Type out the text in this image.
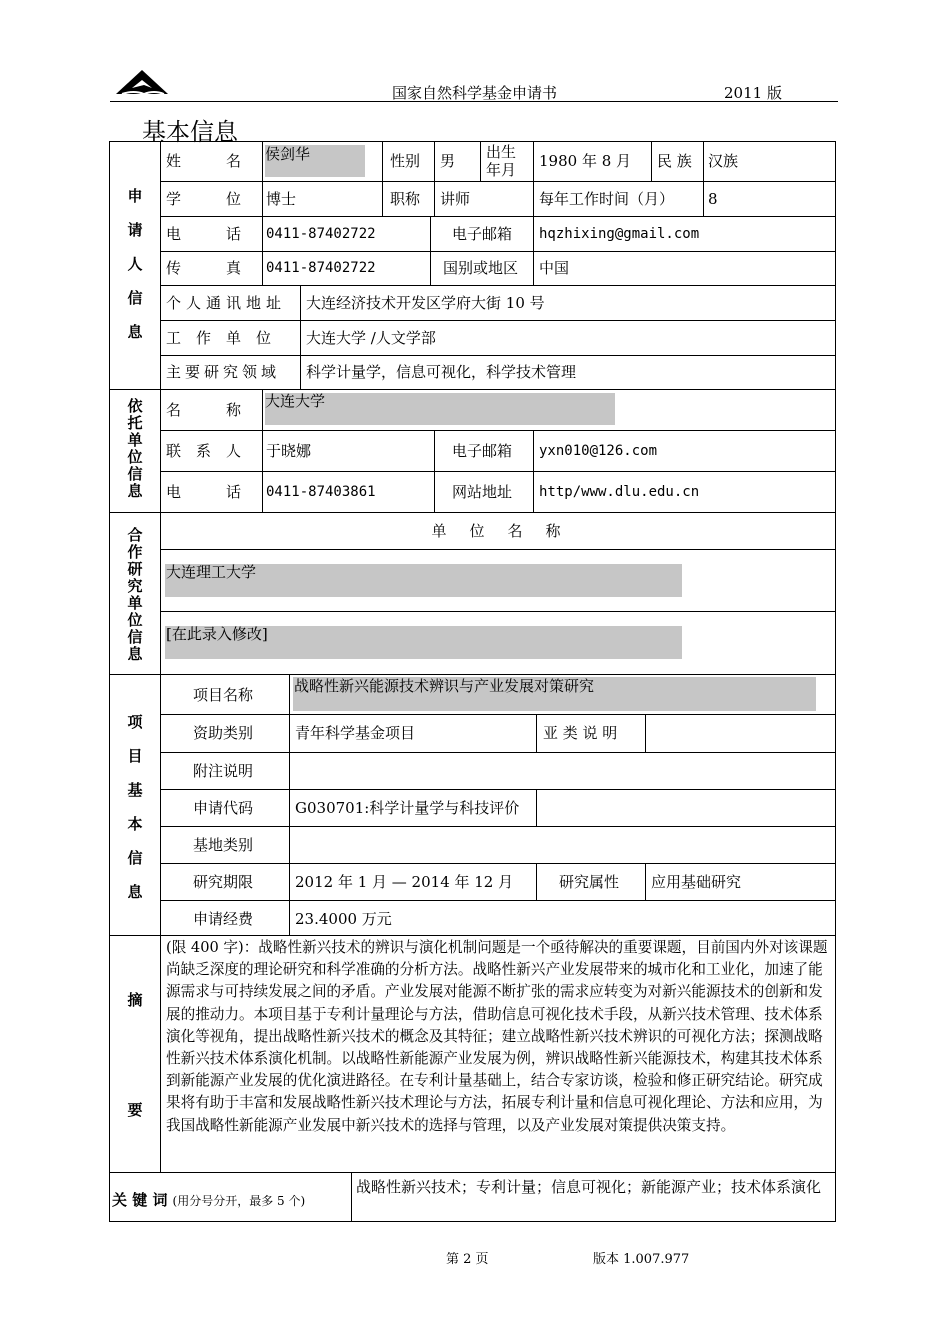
国家自然科学基金申请书	2011 版
基本信息
申
请
人
信
息
姓　　　名 侯剑华	性别 男 出生年月	1980 年 8 月 民 族 汉族
学　　　位 博士	职称 讲师	每年工作时间（月） 8
电　　　话 0411-87402722	电子邮箱 hqzhixing@gmail.com
传　　　真 0411-87402722	国别或地区 中国
个人通讯地址 大连经济技术开发区学府大街 10 号
工　作　单　位 大连大学 /人文学部
主要研究领域 科学计量学，信息可视化，科学技术管理
依
托
单
位
信
息
名　　　称 大连大学
联　系　人 于晓娜	电子邮箱 yxn010@126.com
电　　　话 0411-87403861	网站地址 http/www.dlu.edu.cn
合
作
研
究
单
位
信
息
单　位　名　称
大连理工大学
[在此录入修改]
项
目
基
本
信
息
项目名称	战略性新兴能源技术辨识与产业发展对策研究
资助类别	青年科学基金项目	亚 类 说 明
附注说明
申请代码	G030701:科学计量学与科技评价
基地类别
研究期限	2012 年 1 月 — 2014 年 12 月	研究属性 应用基础研究
申请经费	23.4000 万元
摘
要
(限 400 字)：战略性新兴技术的辨识与演化机制问题是一个亟待解决的重要课题，目前国内外对该课题尚缺乏深度的理论研究和科学准确的分析方法。战略性新兴产业发展带来的城市化和工业化，加速了能源需求与可持续发展之间的矛盾。产业发展对能源不断扩张的需求应转变为对新兴能源技术的创新和发展的推动力。本项目基于专利计量理论与方法，借助信息可视化技术手段，从新兴技术管理、技术体系演化等视角，提出战略性新兴技术的概念及其特征；建立战略性新兴技术辨识的可视化方法；探测战略性新兴技术体系演化机制。以战略性新能源产业发展为例，辨识战略性新兴能源技术，构建其技术体系到新能源产业发展的优化演进路径。在专利计量基础上，结合专家访谈，检验和修正研究结论。研究成果将有助于丰富和发展战略性新兴技术理论与方法，拓展专利计量和信息可视化理论、方法和应用，为我国战略性新能源产业发展中新兴技术的选择与管理，以及产业发展对策提供决策支持。
关 键 词 (用分号分开，最多 5 个)
战略性新兴技术；专利计量；信息可视化；新能源产业；技术体系演化
第 2 页	版本 1.007.977
